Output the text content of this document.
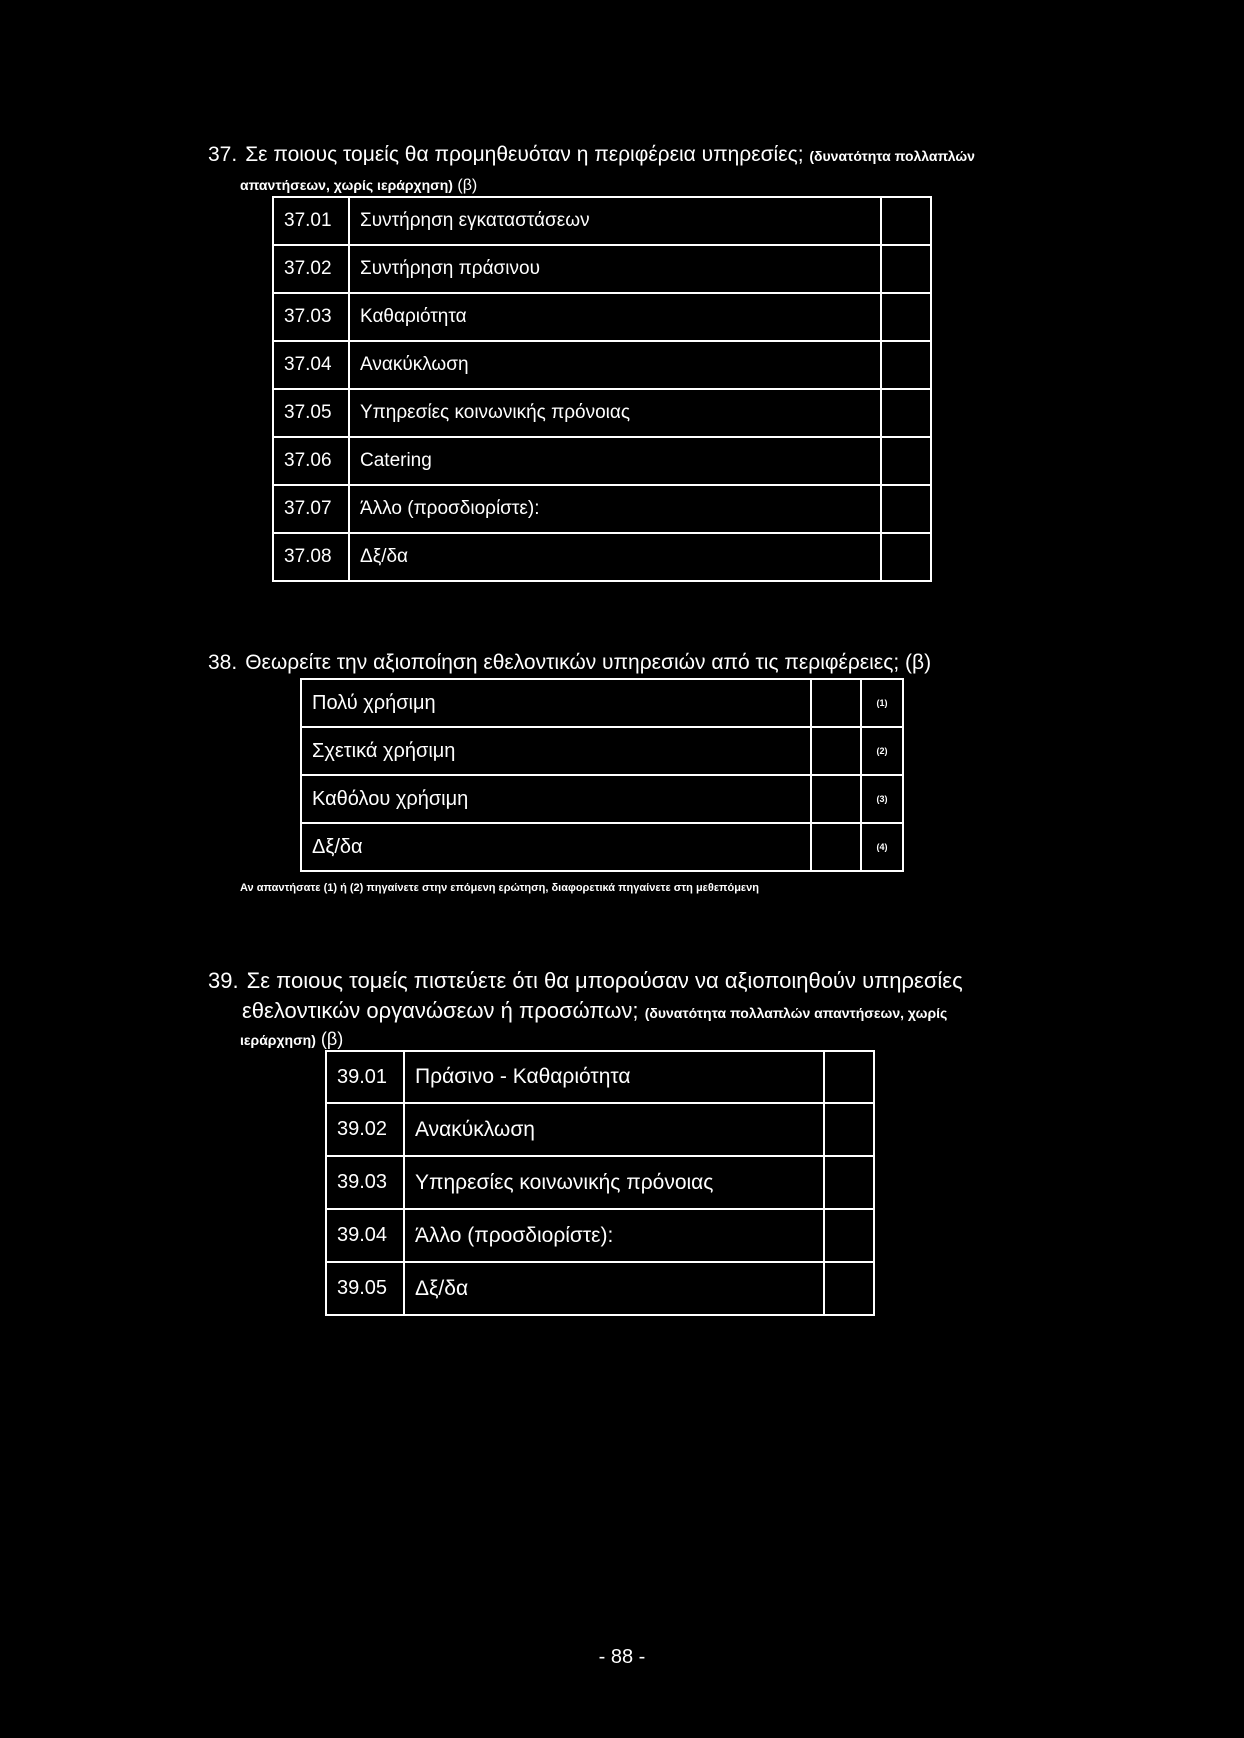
37. Σε ποιους τομείς θα προμηθευόταν η περιφέρεια υπηρεσίες; (δυνατότητα πολλαπλών
απαντήσεων, χωρίς ιεράρχηση) (β)
37.01	Συντήρηση εγκαταστάσεων	
37.02	Συντήρηση πράσινου	
37.03	Καθαριότητα	
37.04	Ανακύκλωση	
37.05	Υπηρεσίες κοινωνικής πρόνοιας	
37.06	Catering	
37.07	Άλλο (προσδιορίστε):	
37.08	Δξ/δα	
38. Θεωρείτε την αξιοποίηση εθελοντικών υπηρεσιών από τις περιφέρειες; (β)
Πολύ χρήσιμη		(1)
Σχετικά χρήσιμη		(2)
Καθόλου χρήσιμη		(3)
Δξ/δα		(4)
Αν απαντήσατε (1) ή (2) πηγαίνετε στην επόμενη ερώτηση, διαφορετικά πηγαίνετε στη μεθεπόμενη
39. Σε ποιους τομείς πιστεύετε ότι θα μπορούσαν να αξιοποιηθούν υπηρεσίες
εθελοντικών οργανώσεων ή προσώπων; (δυνατότητα πολλαπλών απαντήσεων, χωρίς
ιεράρχηση) (β)
39.01	Πράσινο - Καθαριότητα	
39.02	Ανακύκλωση	
39.03	Υπηρεσίες κοινωνικής πρόνοιας	
39.04	Άλλο (προσδιορίστε):	
39.05	Δξ/δα	
- 88 -
